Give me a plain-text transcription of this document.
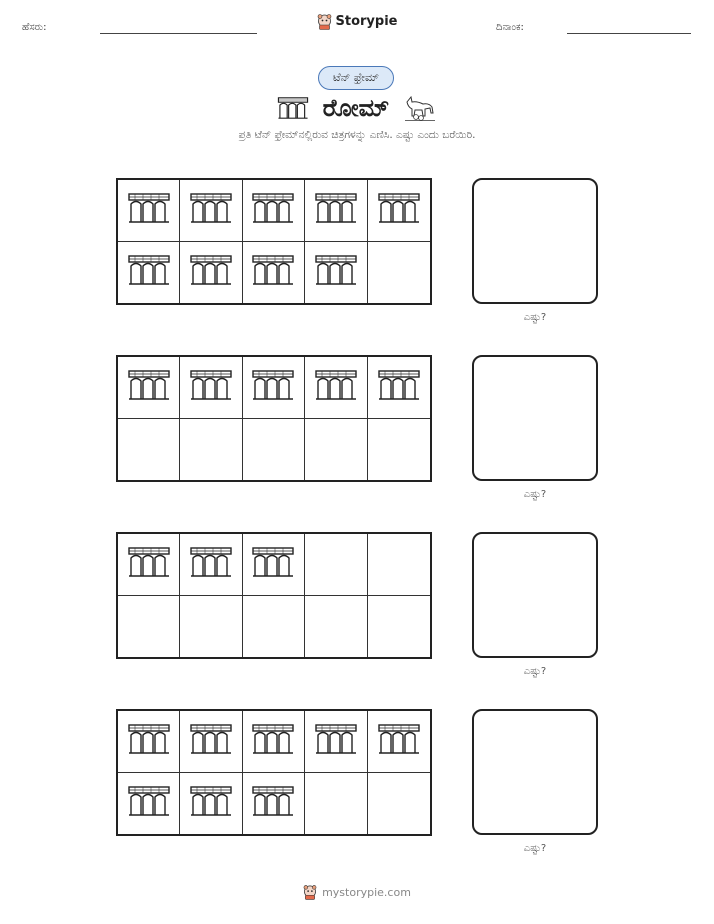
ಹೆಸರು:	Storypie	ದಿನಾಂಕ:
ಟೆನ್ ಫ್ರೇಮ್
ರೋಮ್
ಪ್ರತಿ ಟೆನ್ ಫ್ರೇಮ್‌ನಲ್ಲಿರುವ ಚಿತ್ರಗಳನ್ನು ಎಣಿಸಿ. ಎಷ್ಟು ಎಂದು ಬರೆಯಿರಿ.
ಎಷ್ಟು?
ಎಷ್ಟು?
ಎಷ್ಟು?
ಎಷ್ಟು?
mystorypie.com
